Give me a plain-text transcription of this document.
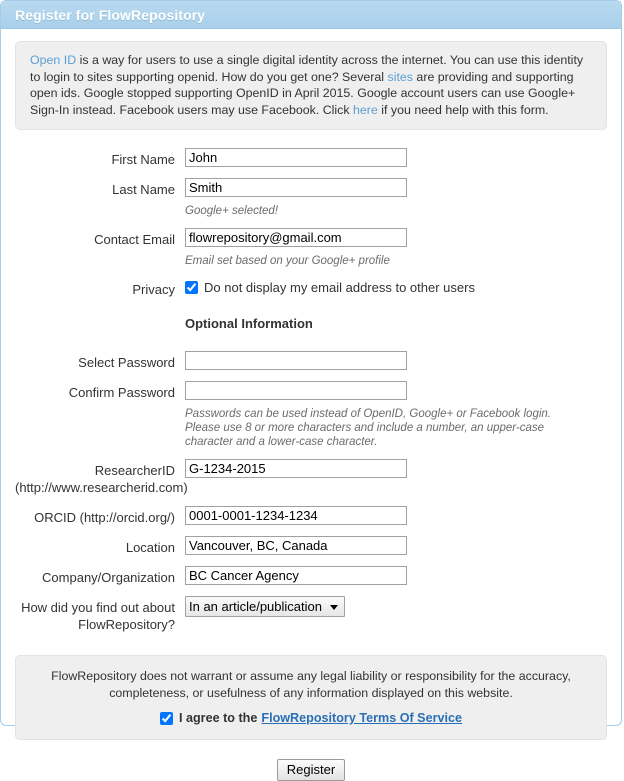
Register for FlowRepository
Open ID is a way for users to use a single digital identity across the internet. You can use this identity to login to sites supporting openid. How do you get one? Several sites are providing and supporting open ids. Google stopped supporting OpenID in April 2015. Google account users can use Google+ Sign-In instead. Facebook users may use Facebook. Click here if you need help with this form.
First Name
John
Last Name
Smith
Google+ selected!
Contact Email
flowrepository@gmail.com
Email set based on your Google+ profile
Privacy	Do not display my email address to other users
Optional Information
Select Password
Confirm Password
Passwords can be used instead of OpenID, Google+ or Facebook login. Please use 8 or more characters and include a number, an upper-case character and a lower-case character.
ResearcherID
(http://www.researcherid.com)
G-1234-2015
ORCID (http://orcid.org/)
0001-0001-1234-1234
Location
Vancouver, BC, Canada
Company/Organization
BC Cancer Agency
How did you find out about
FlowRepository?
In an article/publication
FlowRepository does not warrant or assume any legal liability or responsibility for the accuracy, completeness, or usefulness of any information displayed on this website.
I agree to the FlowRepository Terms Of Service
Register
